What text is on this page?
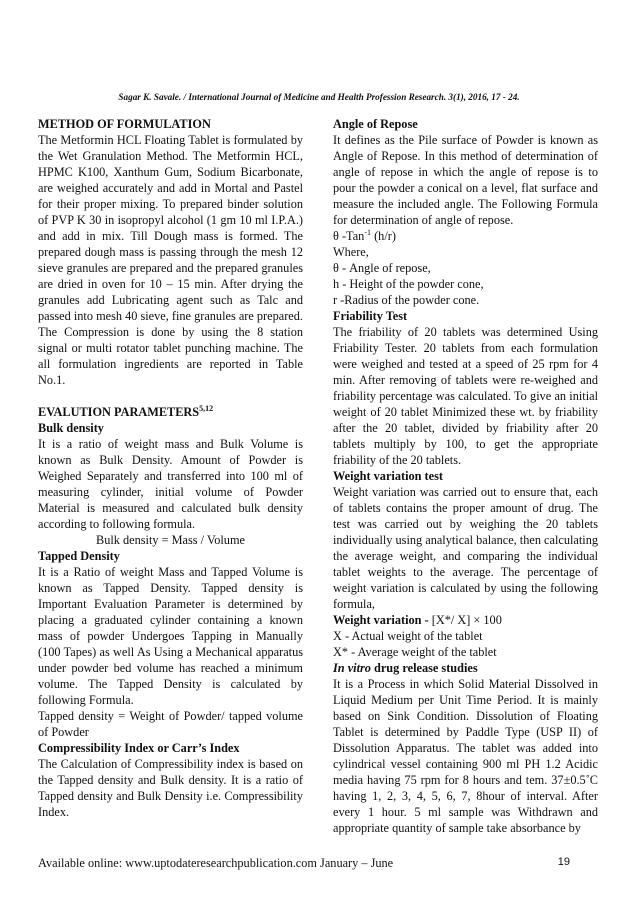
Sagar K. Savale. / International Journal of Medicine and Health Profession Research. 3(1), 2016, 17 - 24.

METHOD OF FORMULATION

The Metformin HCL Floating Tablet is formulated by the Wet Granulation Method. The Metformin HCL, HPMC K100, Xanthum Gum, Sodium Bicarbonate, are weighed accurately and add in Mortal and Pastel for their proper mixing. To prepared binder solution of PVP K 30 in isopropyl alcohol (1 gm 10 ml I.P.A.) and add in mix. Till Dough mass is formed. The prepared dough mass is passing through the mesh 12 sieve granules are prepared and the prepared granules are dried in oven for 10 – 15 min. After drying the granules add Lubricating agent such as Talc and passed into mesh 40 sieve, fine granules are prepared. The Compression is done by using the 8 station signal or multi rotator tablet punching machine. The all formulation ingredients are reported in Table No.1.

EVALUTION PARAMETERS$^{5,12}$

Bulk density

It is a ratio of weight mass and Bulk Volume is known as Bulk Density. Amount of Powder is Weighed Separately and transferred into 100 ml of measuring cylinder, initial volume of Powder Material is measured and calculated bulk density according to following formula.

Bulk density = Mass / Volume

Tapped Density

It is a Ratio of weight Mass and Tapped Volume is known as Tapped Density. Tapped density is Important Evaluation Parameter is determined by placing a graduated cylinder containing a known mass of powder Undergoes Tapping in Manually (100 Tapes) as well As Using a Mechanical apparatus under powder bed volume has reached a minimum volume. The Tapped Density is calculated by following Formula.

Tapped density = Weight of Powder/ tapped volume of Powder

Compressibility Index or Carr’s Index

The Calculation of Compressibility index is based on the Tapped density and Bulk density. It is a ratio of Tapped density and Bulk Density i.e. Compressibility Index.

Angle of Repose

It defines as the Pile surface of Powder is known as Angle of Repose. In this method of determination of angle of repose in which the angle of repose is to pour the powder a conical on a level, flat surface and measure the included angle. The Following Formula for determination of angle of repose.

θ -Tan$^{-1}$ (h/r)

Where,

θ - Angle of repose,

h - Height of the powder cone,

r -Radius of the powder cone.

Friability Test

The friability of 20 tablets was determined Using Friability Tester. 20 tablets from each formulation were weighed and tested at a speed of 25 rpm for 4 min. After removing of tablets were re-weighed and friability percentage was calculated. To give an initial weight of 20 tablet Minimized these wt. by friability after the 20 tablet, divided by friability after 20 tablets multiply by 100, to get the appropriate friability of the 20 tablets.

Weight variation test

Weight variation was carried out to ensure that, each of tablets contains the proper amount of drug. The test was carried out by weighing the 20 tablets individually using analytical balance, then calculating the average weight, and comparing the individual tablet weights to the average. The percentage of weight variation is calculated by using the following formula,

Weight variation - [X*/ X] × 100

X - Actual weight of the tablet

X* - Average weight of the tablet

In vitro drug release studies

It is a Process in which Solid Material Dissolved in Liquid Medium per Unit Time Period. It is mainly based on Sink Condition. Dissolution of Floating Tablet is determined by Paddle Type (USP II) of Dissolution Apparatus. The tablet was added into cylindrical vessel containing 900 ml PH 1.2 Acidic media having 75 rpm for 8 hours and tem. 37±0.5˚C having 1, 2, 3, 4, 5, 6, 7, 8hour of interval. After every 1 hour. 5 ml sample was Withdrawn and appropriate quantity of sample take absorbance by

Available online: www.uptodateresearchpublication.com January – June	19
